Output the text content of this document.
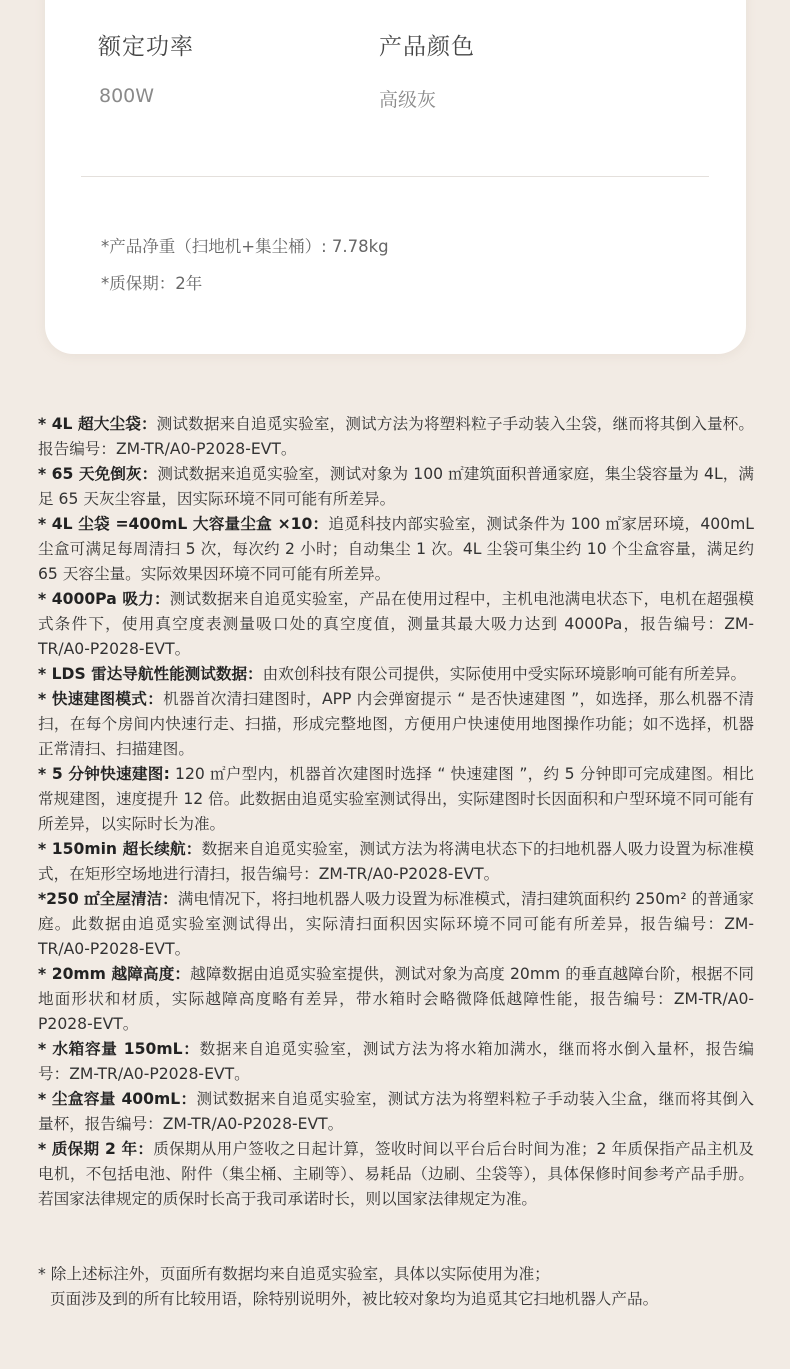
额定功率
800W
产品颜色
高级灰
*产品净重（扫地机+集尘桶）: 7.78kg
*质保期：2年

* 4L 超大尘袋：测试数据来自追觅实验室，测试方法为将塑料粒子手动装入尘袋，继而将其倒入量杯。报告编号：ZM-TR/A0-P2028-EVT。

* 65 天免倒灰：测试数据来追觅实验室，测试对象为 100 ㎡建筑面积普通家庭，集尘袋容量为 4L，满足 65 天灰尘容量，因实际环境不同可能有所差异。

* 4L 尘袋 =400mL 大容量尘盒 ×10：追觅科技内部实验室，测试条件为 100 ㎡家居环境，400mL 尘盒可满足每周清扫 5 次，每次约 2 小时；自动集尘 1 次。4L 尘袋可集尘约 10 个尘盒容量，满足约 65 天容尘量。实际效果因环境不同可能有所差异。

* 4000Pa 吸力：测试数据来自追觅实验室，产品在使用过程中，主机电池满电状态下，电机在超强模式条件下，使用真空度表测量吸口处的真空度值，测量其最大吸力达到 4000Pa，报告编号：ZM-TR/A0-P2028-EVT。

* LDS 雷达导航性能测试数据：由欢创科技有限公司提供，实际使用中受实际环境影响可能有所差异。

* 快速建图模式：机器首次清扫建图时，APP 内会弹窗提示 “ 是否快速建图 ”，如选择，那么机器不清扫，在每个房间内快速行走、扫描，形成完整地图，方便用户快速使用地图操作功能；如不选择，机器正常清扫、扫描建图。

* 5 分钟快速建图: 120 ㎡户型内，机器首次建图时选择 “ 快速建图 ”，约 5 分钟即可完成建图。相比常规建图，速度提升 12 倍。此数据由追觅实验室测试得出，实际建图时长因面积和户型环境不同可能有所差异，以实际时长为准。

* 150min 超长续航：数据来自追觅实验室，测试方法为将满电状态下的扫地机器人吸力设置为标准模式，在矩形空场地进行清扫，报告编号：ZM-TR/A0-P2028-EVT。

*250 ㎡全屋清洁：满电情况下，将扫地机器人吸力设置为标准模式，清扫建筑面积约 250m² 的普通家庭。此数据由追觅实验室测试得出，实际清扫面积因实际环境不同可能有所差异，报告编号：ZM-TR/A0-P2028-EVT。

* 20mm 越障高度：越障数据由追觅实验室提供，测试对象为高度 20mm 的垂直越障台阶，根据不同地面形状和材质，实际越障高度略有差异，带水箱时会略微降低越障性能，报告编号：ZM-TR/A0-P2028-EVT。

* 水箱容量 150mL：数据来自追觅实验室，测试方法为将水箱加满水，继而将水倒入量杯，报告编号：ZM-TR/A0-P2028-EVT。

* 尘盒容量 400mL：测试数据来自追觅实验室，测试方法为将塑料粒子手动装入尘盒，继而将其倒入量杯，报告编号：ZM-TR/A0-P2028-EVT。

* 质保期 2 年：质保期从用户签收之日起计算，签收时间以平台后台时间为准；2 年质保指产品主机及电机，不包括电池、附件（集尘桶、主刷等）、易耗品（边刷、尘袋等），具体保修时间参考产品手册。若国家法律规定的质保时长高于我司承诺时长，则以国家法律规定为准。

* 除上述标注外，页面所有数据均来自追觅实验室，具体以实际使用为准；

页面涉及到的所有比较用语，除特别说明外，被比较对象均为追觅其它扫地机器人产品。
